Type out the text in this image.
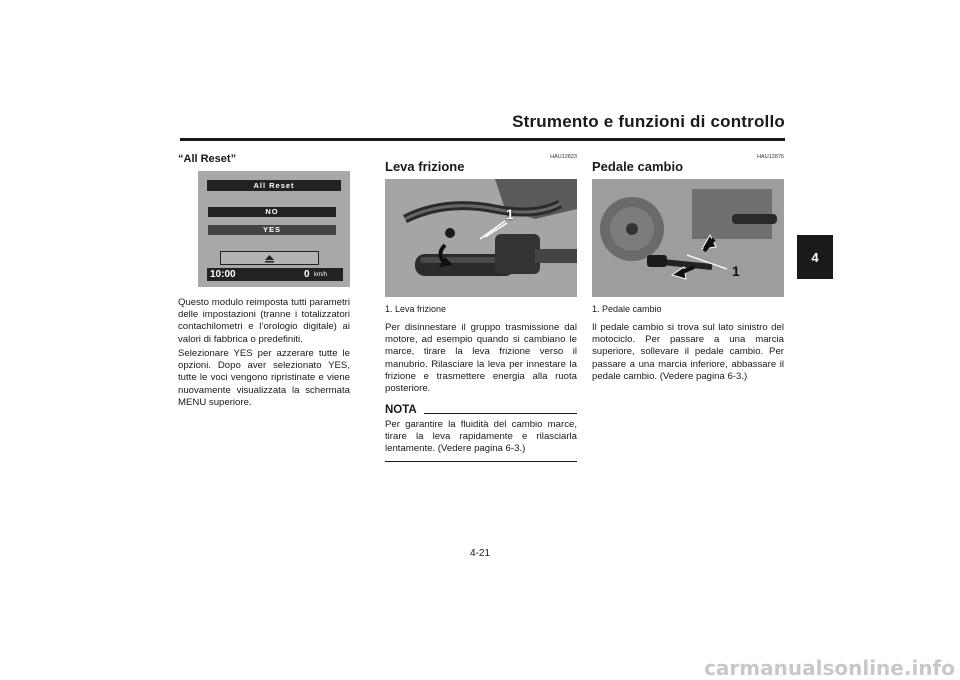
Strumento e funzioni di controllo
4
“All Reset”
All Reset
NO
YES
10:00	0 km/h
Questo modulo reimposta tutti parametri delle impostazioni (tranne i totalizzatori contachilometri e l’orologio digitale) ai valori di fabbrica o predefiniti.
Selezionare YES per azzerare tutte le opzioni. Dopo aver selezionato YES, tutte le voci vengono ripristinate e viene nuovamente visualizzata la schermata MENU superiore.
HAU12823
Leva frizione
1
1. Leva frizione
Per disinnestare il gruppo trasmissione dal motore, ad esempio quando si cambiano le marce, tirare la leva frizione verso il manubrio. Rilasciare la leva per innestare la frizione e trasmettere energia alla ruota posteriore.
NOTA
Per garantire la fluidità del cambio marce, tirare la leva rapidamente e rilasciarla lentamente. (Vedere pagina 6-3.)
HAU12876
Pedale cambio
1
1. Pedale cambio
Il pedale cambio si trova sul lato sinistro del motociclo. Per passare a una marcia superiore, sollevare il pedale cambio. Per passare a una marcia inferiore, abbassare il pedale cambio. (Vedere pagina 6-3.)
4-21
carmanualsonline.info
